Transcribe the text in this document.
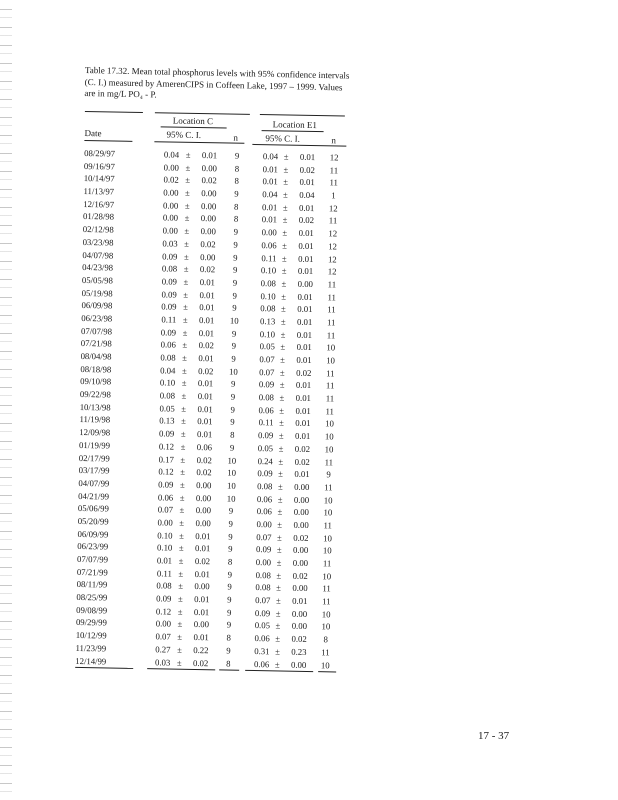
Table 17.32. Mean total phosphorus levels with 95% confidence intervals (C. I.) measured by AmerenCIPS in Coffeen Lake, 1997 – 1999. Values are in mg/L PO₄ - P.
Location C	Location E1
Date	95% C. I.	n	95% C. I.	n
08/29/97	0.04 ±	0.01	9	0.04 ±	0.01 12
09/16/97	0.00 ±	0.00	8	0.01 ±	0.02 11
10/14/97	0.02 ±	0.02	8	0.01 ±	0.01 11
11/13/97	0.00 ±	0.00	9	0.04 ±	0.04	1
12/16/97	0.00 ±	0.00	8	0.01 ±	0.01 12
01/28/98	0.00 ±	0.00	8	0.01 ±	0.02 11
02/12/98	0.00 ±	0.00	9	0.00 ±	0.01 12
03/23/98	0.03 ±	0.02	9	0.06 ±	0.01 12
04/07/98	0.09 ±	0.00	9	0.11 ±	0.01 12
04/23/98	0.08 ±	0.02	9	0.10 ±	0.01 12
05/05/98	0.09 ±	0.01	9	0.08 ±	0.00 11
05/19/98	0.09 ±	0.01	9	0.10 ±	0.01 11
06/09/98	0.09 ±	0.01	9	0.08 ±	0.01 11
06/23/98	0.11 ±	0.01 10	0.13 ±	0.01 11
07/07/98	0.09 ±	0.01	9	0.10 ±	0.01 11
07/21/98	0.06 ±	0.02	9	0.05 ±	0.01 10
08/04/98	0.08 ±	0.01	9	0.07 ±	0.01 10
08/18/98	0.04 ±	0.02 10	0.07 ±	0.02 11
09/10/98	0.10 ±	0.01	9	0.09 ±	0.01 11
09/22/98	0.08 ±	0.01	9	0.08 ±	0.01 11
10/13/98	0.05 ±	0.01	9	0.06 ±	0.01 11
11/19/98	0.13 ±	0.01	9	0.11 ±	0.01 10
12/09/98	0.09 ±	0.01	8	0.09 ±	0.01 10
01/19/99	0.12 ±	0.06	9	0.05 ±	0.02 10
02/17/99	0.17 ±	0.02 10	0.24 ±	0.02 11
03/17/99	0.12 ±	0.02 10	0.09 ±	0.01	9
04/07/99	0.09 ±	0.00 10	0.08 ±	0.00 11
04/21/99	0.06 ±	0.00 10	0.06 ±	0.00 10
05/06/99	0.07 ±	0.00	9	0.06 ±	0.00 10
05/20/99	0.00 ±	0.00	9	0.00 ±	0.00 11
06/09/99	0.10 ±	0.01	9	0.07 ±	0.02 10
06/23/99	0.10 ±	0.01	9	0.09 ±	0.00 10
07/07/99	0.01 ±	0.02	8	0.00 ±	0.00 11
07/21/99	0.11 ±	0.01	9	0.08 ±	0.02 10
08/11/99	0.08 ±	0.00	9	0.08 ±	0.00 11
08/25/99	0.09 ±	0.01	9	0.07 ±	0.01 11
09/08/99	0.12 ±	0.01	9	0.09 ±	0.00 10
09/29/99	0.00 ±	0.00	9	0.05 ±	0.00 10
10/12/99	0.07 ±	0.01	8	0.06 ±	0.02	8
11/23/99	0.27 ±	0.22	9	0.31 ±	0.23 11
12/14/99	0.03 ±	0.02	8	0.06 ±	0.00 10
17 - 37
